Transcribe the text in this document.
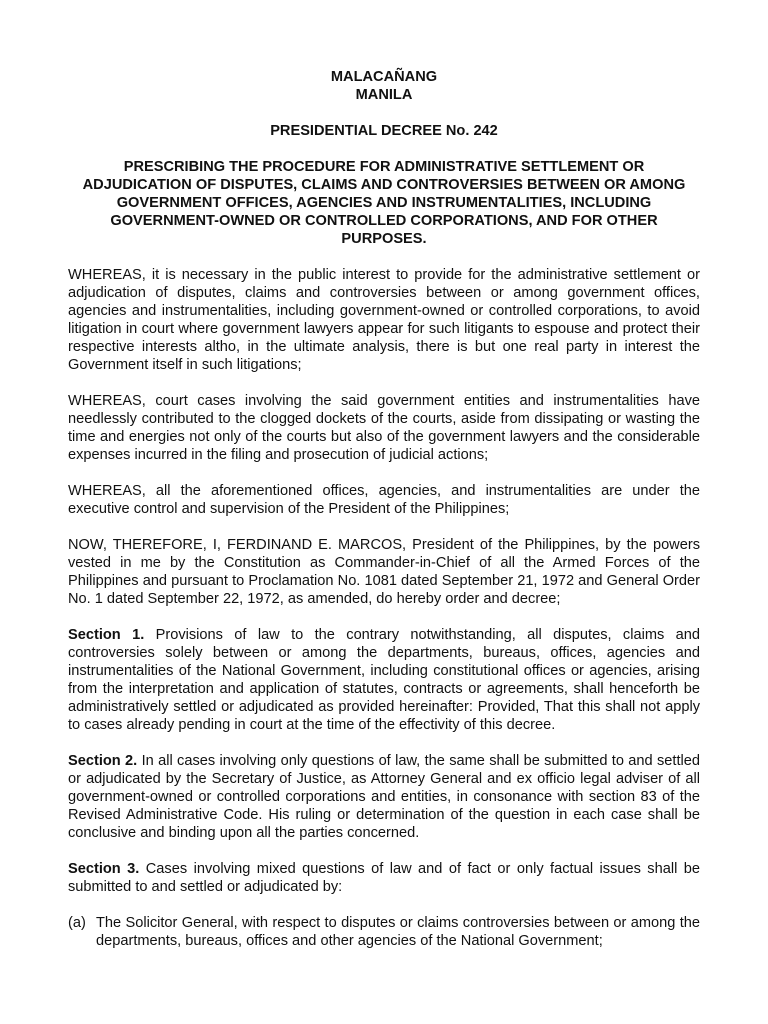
MALACAÑANG
MANILA
PRESIDENTIAL DECREE No. 242

PRESCRIBING THE PROCEDURE FOR ADMINISTRATIVE SETTLEMENT OR ADJUDICATION OF DISPUTES, CLAIMS AND CONTROVERSIES BETWEEN OR AMONG GOVERNMENT OFFICES, AGENCIES AND INSTRUMENTALITIES, INCLUDING GOVERNMENT-OWNED OR CONTROLLED CORPORATIONS, AND FOR OTHER PURPOSES.

WHEREAS, it is necessary in the public interest to provide for the administrative settlement or adjudication of disputes, claims and controversies between or among government offices, agencies and instrumentalities, including government-owned or controlled corporations, to avoid litigation in court where government lawyers appear for such litigants to espouse and protect their respective interests altho, in the ultimate analysis, there is but one real party in interest the Government itself in such litigations;

WHEREAS, court cases involving the said government entities and instrumentalities have needlessly contributed to the clogged dockets of the courts, aside from dissipating or wasting the time and energies not only of the courts but also of the government lawyers and the considerable expenses incurred in the filing and prosecution of judicial actions;

WHEREAS, all the aforementioned offices, agencies, and instrumentalities are under the executive control and supervision of the President of the Philippines;

NOW, THEREFORE, I, FERDINAND E. MARCOS, President of the Philippines, by the powers vested in me by the Constitution as Commander-in-Chief of all the Armed Forces of the Philippines and pursuant to Proclamation No. 1081 dated September 21, 1972 and General Order No. 1 dated September 22, 1972, as amended, do hereby order and decree;

Section 1. Provisions of law to the contrary notwithstanding, all disputes, claims and controversies solely between or among the departments, bureaus, offices, agencies and instrumentalities of the National Government, including constitutional offices or agencies, arising from the interpretation and application of statutes, contracts or agreements, shall henceforth be administratively settled or adjudicated as provided hereinafter: Provided, That this shall not apply to cases already pending in court at the time of the effectivity of this decree.

Section 2. In all cases involving only questions of law, the same shall be submitted to and settled or adjudicated by the Secretary of Justice, as Attorney General and ex officio legal adviser of all government-owned or controlled corporations and entities, in consonance with section 83 of the Revised Administrative Code. His ruling or determination of the question in each case shall be conclusive and binding upon all the parties concerned.

Section 3. Cases involving mixed questions of law and of fact or only factual issues shall be submitted to and settled or adjudicated by:

(a) The Solicitor General, with respect to disputes or claims controversies between or among the departments, bureaus, offices and other agencies of the National Government;
